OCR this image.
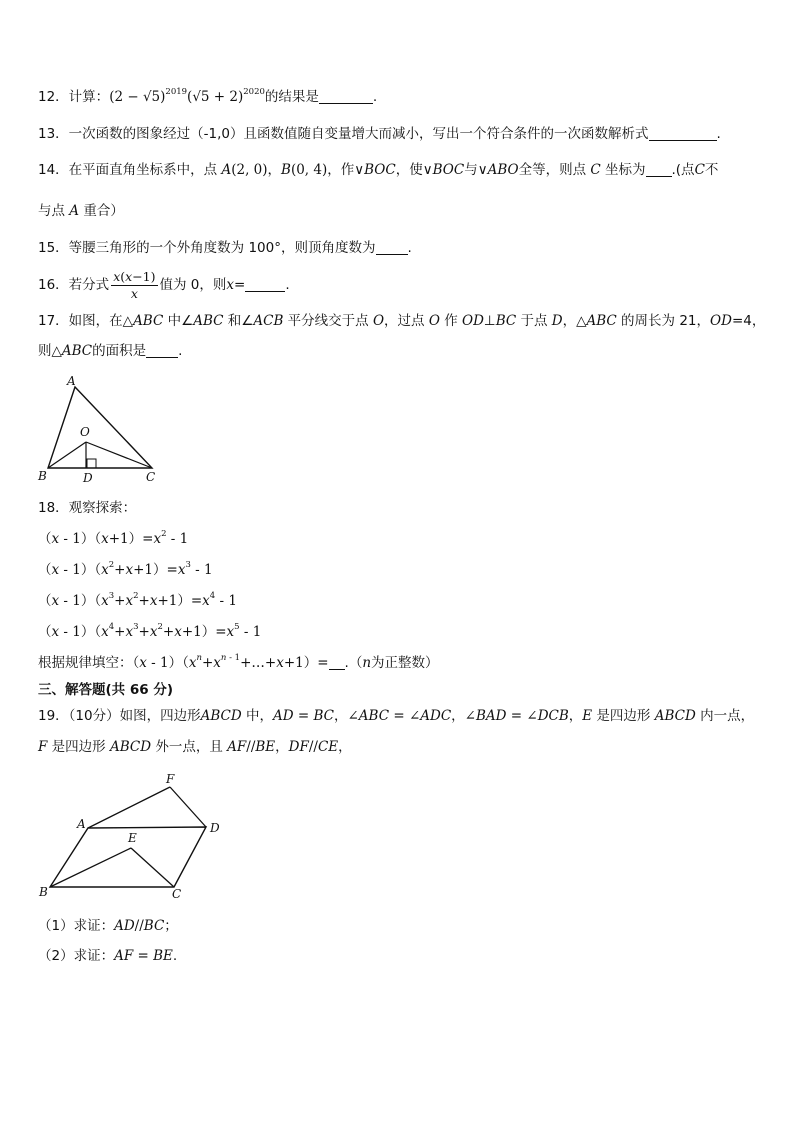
12．计算：$(2 - √5)^{2019}(√5 + 2)^{2020}$的结果是	.
13．一次函数的图象经过（-1,0）且函数值随自变量增大而减小，写出一个符合条件的一次函数解析式	.
14．在平面直角坐标系中，点 A(2, 0)，B(0, 4)，作∨BOC，使∨BOC与∨ABO全等，则点 C 坐标为 .(点C不
与点 A 重合）
15．等腰三角形的一个外角度数为 100°，则顶角度数为 .
16．若分式 $\frac{x(x-1)}{x}$ 值为 0，则x=	.
17．如图，在△ABC 中∠ABC 和∠ACB 平分线交于点 O，过点 O 作 OD⊥BC 于点 D，△ABC 的周长为 21，OD=4，
则△ABC的面积是 .
A
O
B	D	C
18．观察探索：
$(x - 1)(x+1)=x^2 - 1$
$(x - 1)(x^2+x+1)=x^3 - 1$
$(x - 1)(x^3+x^2+x+1)=x^4 - 1$
$(x - 1)(x^4+x^3+x^2+x+1)=x^5 - 1$
根据规律填空：$(x - 1)(x^n+x^{n - 1}+\dots+x+1)= .(n$为正整数）
三、解答题(共 66 分)
19．（10分）如图，四边形ABCD 中，AD = BC，∠ABC = ∠ADC，∠BAD = ∠DCB，E 是四边形 ABCD 内一点，
F 是四边形 ABCD 外一点，且 AF//BE，DF//CE，
F
A
E
D
B	C
（1）求证：AD//BC；
（2）求证：AF = BE.
